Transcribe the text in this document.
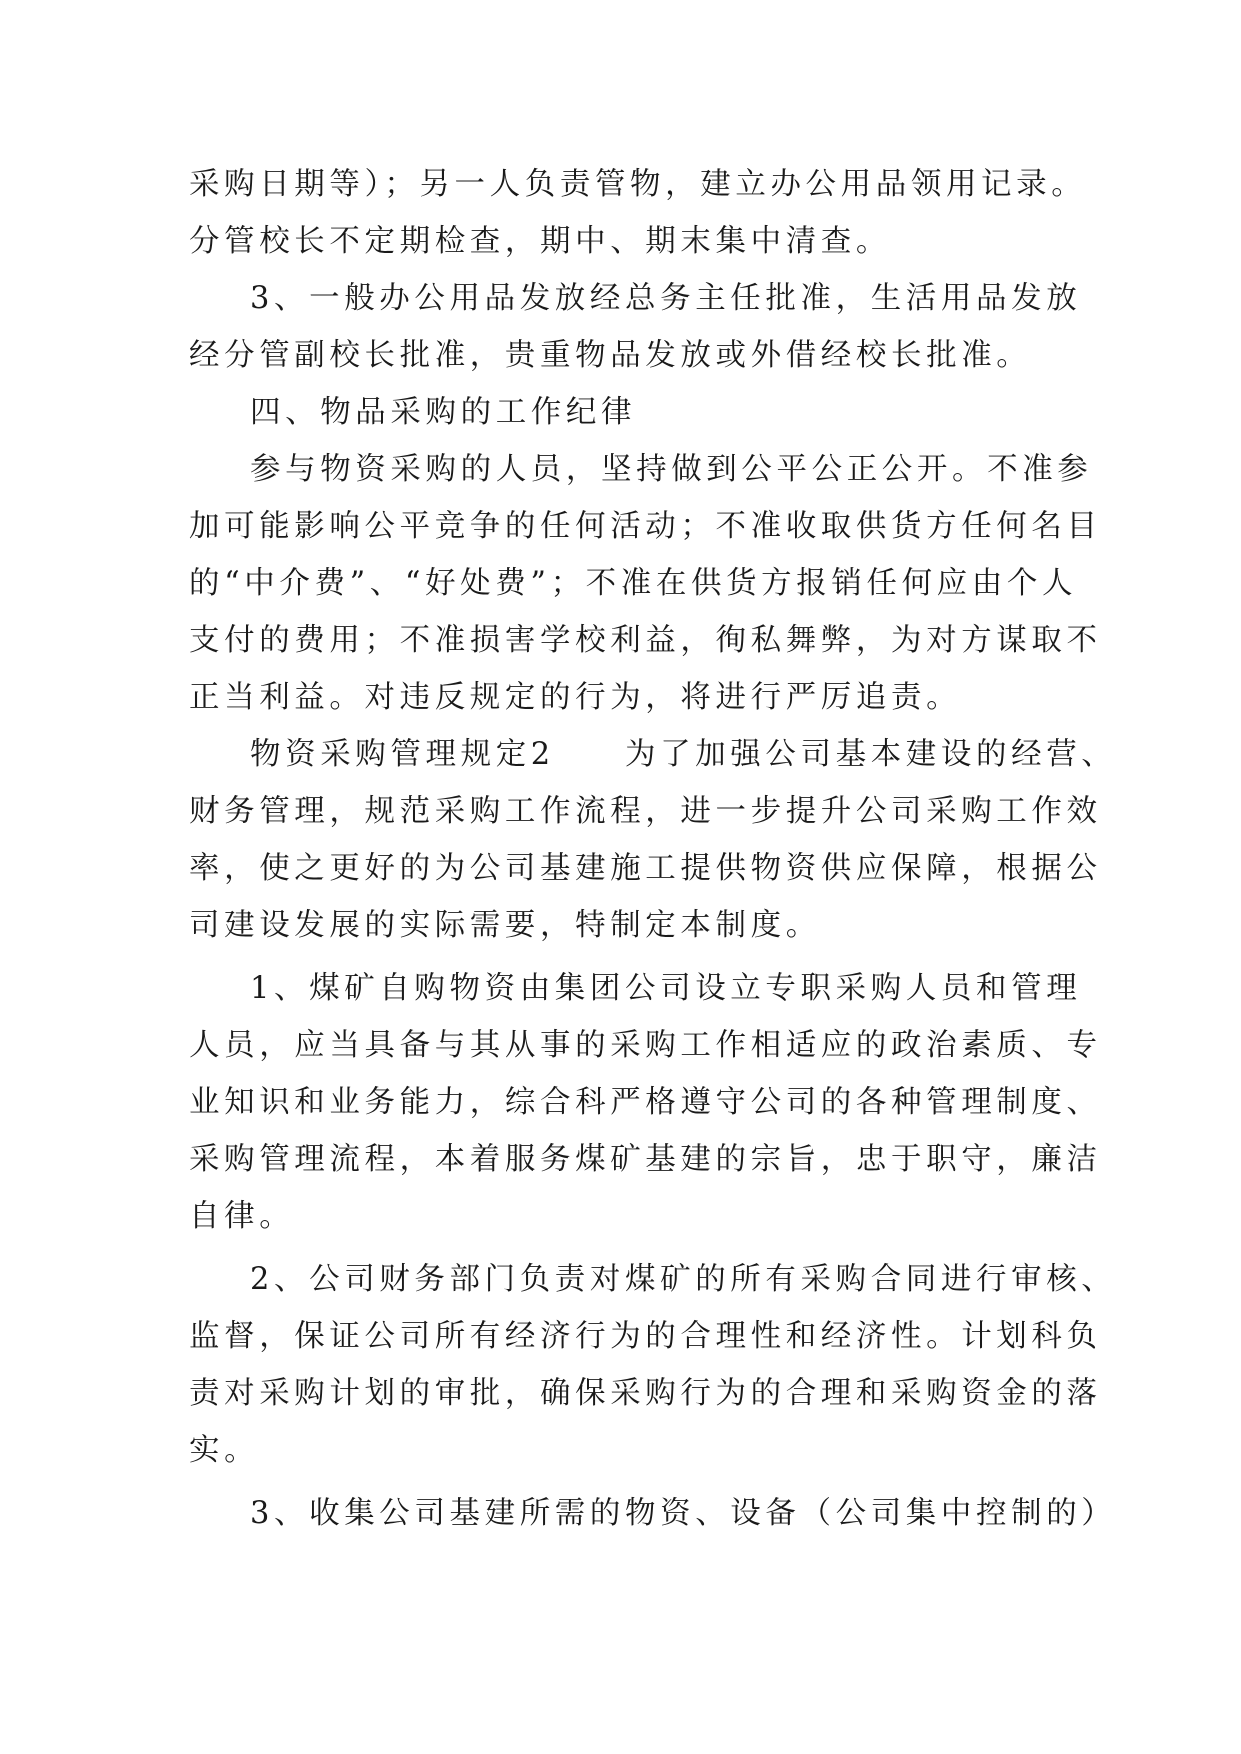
采购日期等）；另一人负责管物，建立办公用品领用记录。
分管校长不定期检查，期中、期末集中清查。
3、一般办公用品发放经总务主任批准，生活用品发放
经分管副校长批准，贵重物品发放或外借经校长批准。
四、物品采购的工作纪律
参与物资采购的人员，坚持做到公平公正公开。不准参
加可能影响公平竞争的任何活动；不准收取供货方任何名目
的“中介费”、“好处费”；不准在供货方报销任何应由个人
支付的费用；不准损害学校利益，徇私舞弊，为对方谋取不
正当利益。对违反规定的行为，将进行严厉追责。
物资采购管理规定2　　为了加强公司基本建设的经营、
财务管理，规范采购工作流程，进一步提升公司采购工作效
率，使之更好的为公司基建施工提供物资供应保障，根据公
司建设发展的实际需要，特制定本制度。
1、煤矿自购物资由集团公司设立专职采购人员和管理
人员，应当具备与其从事的采购工作相适应的政治素质、专
业知识和业务能力，综合科严格遵守公司的各种管理制度、
采购管理流程，本着服务煤矿基建的宗旨，忠于职守，廉洁
自律。
2、公司财务部门负责对煤矿的所有采购合同进行审核、
监督，保证公司所有经济行为的合理性和经济性。计划科负
责对采购计划的审批，确保采购行为的合理和采购资金的落
实。
3、收集公司基建所需的物资、设备（公司集中控制的）
